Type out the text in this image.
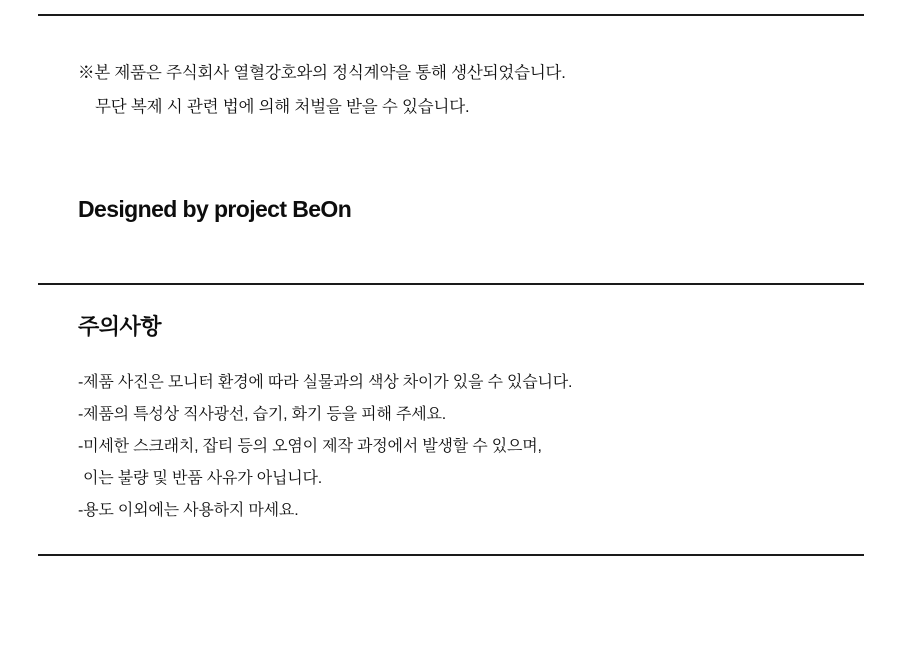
※본 제품은 주식회사 열혈강호와의 정식계약을 통해 생산되었습니다.
무단 복제 시 관련 법에 의해 처벌을 받을 수 있습니다.
Designed by project BeOn
주의사항
-제품 사진은 모니터 환경에 따라 실물과의 색상 차이가 있을 수 있습니다.
-제품의 특성상 직사광선, 습기, 화기 등을 피해 주세요.
-미세한 스크래치, 잡티 등의 오염이 제작 과정에서 발생할 수 있으며,
이는 불량 및 반품 사유가 아닙니다.
-용도 이외에는 사용하지 마세요.
